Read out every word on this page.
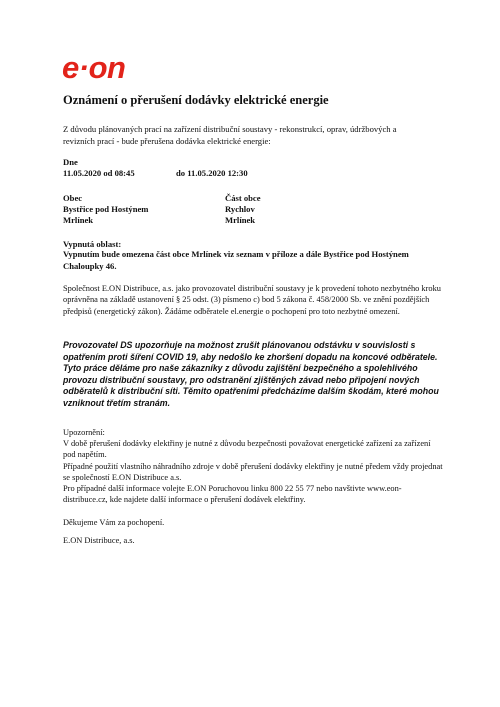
e·on
Oznámení o přerušení dodávky elektrické energie
Z důvodu plánovaných prací na zařízení distribuční soustavy - rekonstrukcí, oprav, údržbových a revizních prací - bude přerušena dodávka elektrické energie:
Dne
11.05.2020 od 08:45	do 11.05.2020 12:30
Obec	Část obce
Bystřice pod Hostýnem	Rychlov
Mrlínek	Mrlínek
Vypnutá oblast:
Vypnutím bude omezena část obce Mrlínek viz seznam v příloze a dále Bystřice pod Hostýnem Chaloupky 46.
Společnost E.ON Distribuce, a.s. jako provozovatel distribuční soustavy je k provedení tohoto nezbytného kroku oprávněna na základě ustanovení § 25 odst. (3) písmeno c) bod 5 zákona č. 458/2000 Sb. ve znění pozdějších předpisů (energetický zákon). Žádáme odběratele el.energie o pochopení pro toto nezbytné omezení.
Provozovatel DS upozorňuje na možnost zrušit plánovanou odstávku v souvislosti s opatřením proti šíření COVID 19, aby nedošlo ke zhoršení dopadu na koncové odběratele. Tyto práce děláme pro naše zákazníky z důvodu zajištění bezpečného a spolehlivého provozu distribuční soustavy, pro odstranění zjištěných závad nebo připojení nových odběratelů k distribuční síti. Těmito opatřeními předcházíme dalším škodám, které mohou vzniknout třetím stranám.

Upozornění:

V době přerušení dodávky elektřiny je nutné z důvodu bezpečnosti považovat energetické zařízení za zařízení pod napětím.

Případné použití vlastního náhradního zdroje v době přerušení dodávky elektřiny je nutné předem vždy projednat se společností E.ON Distribuce a.s.

Pro případné další informace volejte E.ON Poruchovou linku 800 22 55 77 nebo navštivte www.eon-distribuce.cz, kde najdete další informace o přerušení dodávek elektřiny.

Děkujeme Vám za pochopení.
E.ON Distribuce, a.s.
